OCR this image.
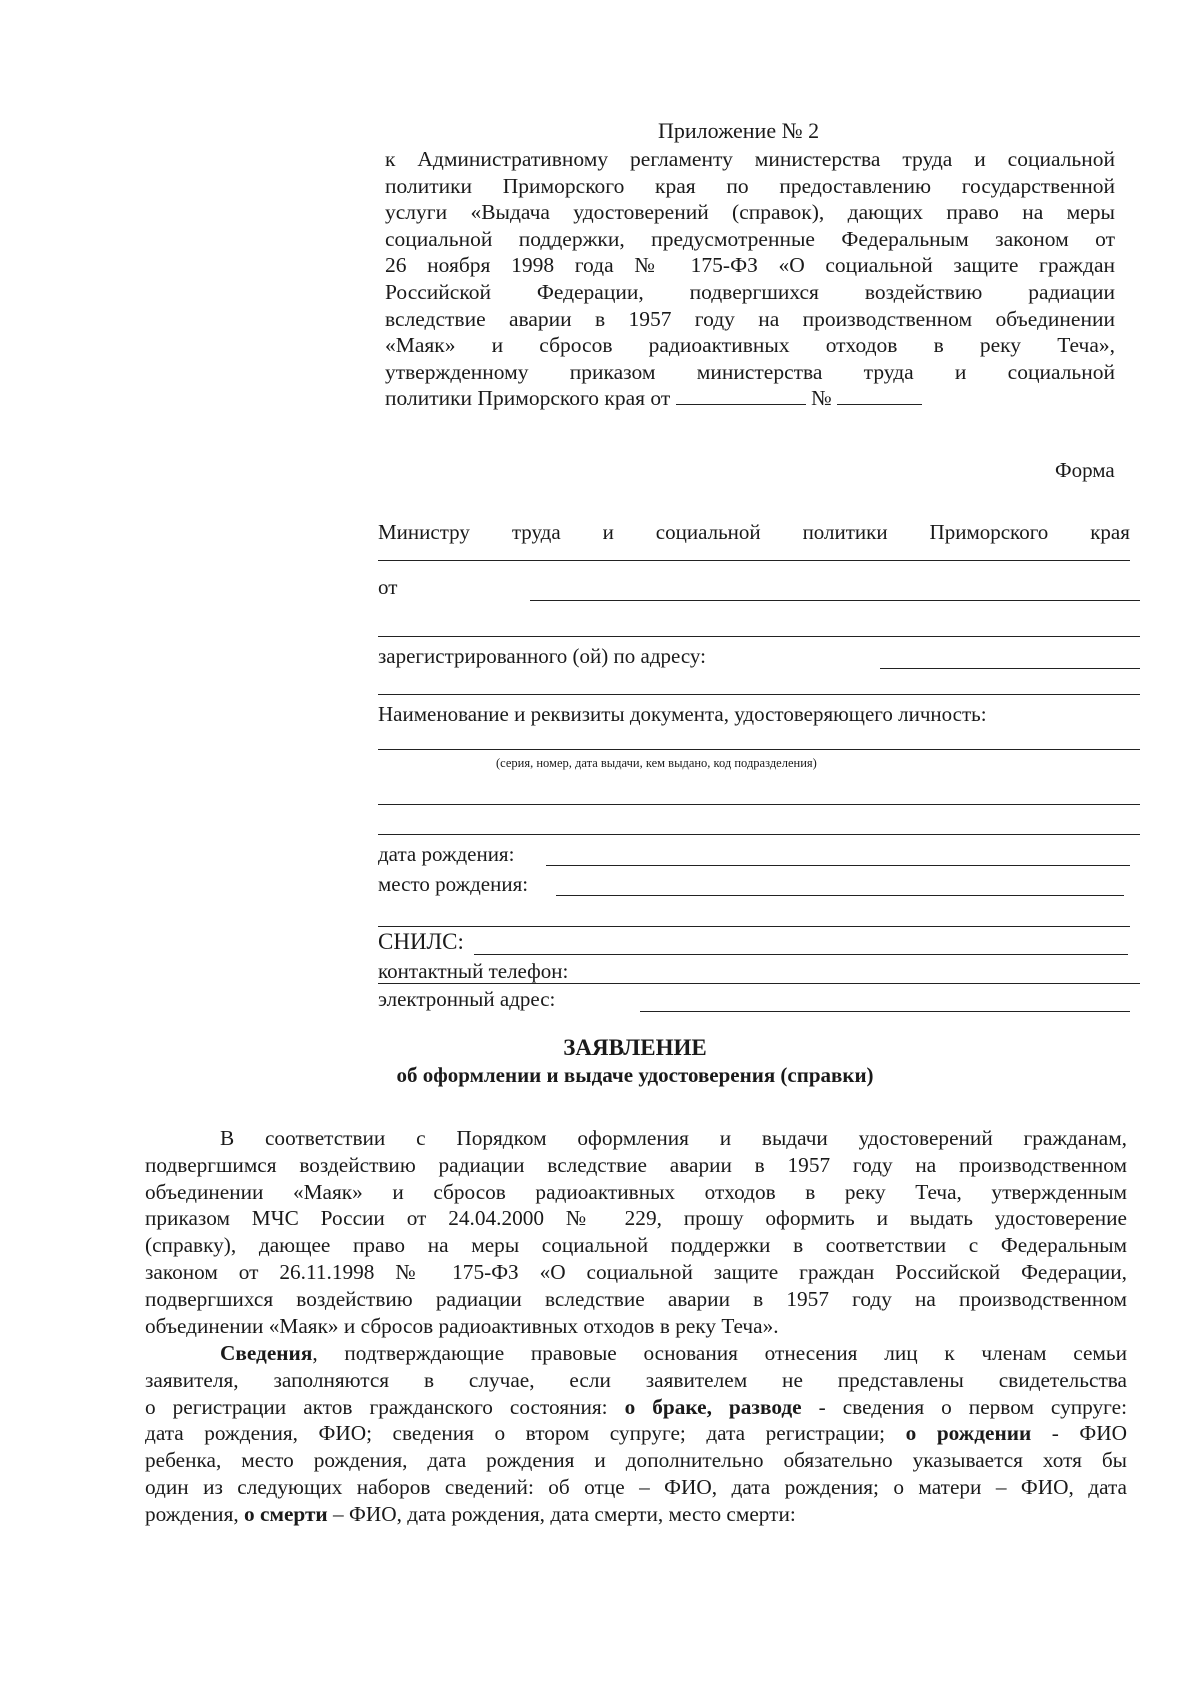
Приложение № 2
к Административному регламенту министерства труда и социальной
политики Приморского края по предоставлению государственной
услуги «Выдача удостоверений (справок), дающих право на меры
социальной поддержки, предусмотренные Федеральным законом от
26 ноября 1998 года № 175-ФЗ «О социальной защите граждан
Российской Федерации, подвергшихся воздействию радиации
вследствие аварии в 1957 году на производственном объединении
«Маяк» и сбросов радиоактивных отходов в реку Теча»,
утвержденному приказом министерства труда и социальной
политики Приморского края от	№
Форма
Министру труда и социальной политики Приморского края
от
зарегистрированного (ой) по адресу:
Наименование и реквизиты документа, удостоверяющего личность:
(серия, номер, дата выдачи, кем выдано, код подразделения)
дата рождения:
место рождения:
СНИЛС:
контактный телефон:
электронный адрес:
ЗАЯВЛЕНИЕ
об оформлении и выдаче удостоверения (справки)
В соответствии с Порядком оформления и выдачи удостоверений гражданам,
подвергшимся воздействию радиации вследствие аварии в 1957 году на производственном
объединении «Маяк» и сбросов радиоактивных отходов в реку Теча, утвержденным
приказом МЧС России от 24.04.2000 № 229, прошу оформить и выдать удостоверение
(справку), дающее право на меры социальной поддержки в соответствии с Федеральным
законом от 26.11.1998 № 175-ФЗ «О социальной защите граждан Российской Федерации,
подвергшихся воздействию радиации вследствие аварии в 1957 году на производственном
объединении «Маяк» и сбросов радиоактивных отходов в реку Теча».
Сведения, подтверждающие правовые основания отнесения лиц к членам семьи
заявителя, заполняются в случае, если заявителем не представлены свидетельства
о регистрации актов гражданского состояния: о браке, разводе - сведения о первом супруге:
дата рождения, ФИО; сведения о втором супруге; дата регистрации; о рождении - ФИО
ребенка, место рождения, дата рождения и дополнительно обязательно указывается хотя бы
один из следующих наборов сведений: об отце – ФИО, дата рождения; о матери – ФИО, дата
рождения, о смерти – ФИО, дата рождения, дата смерти, место смерти:
